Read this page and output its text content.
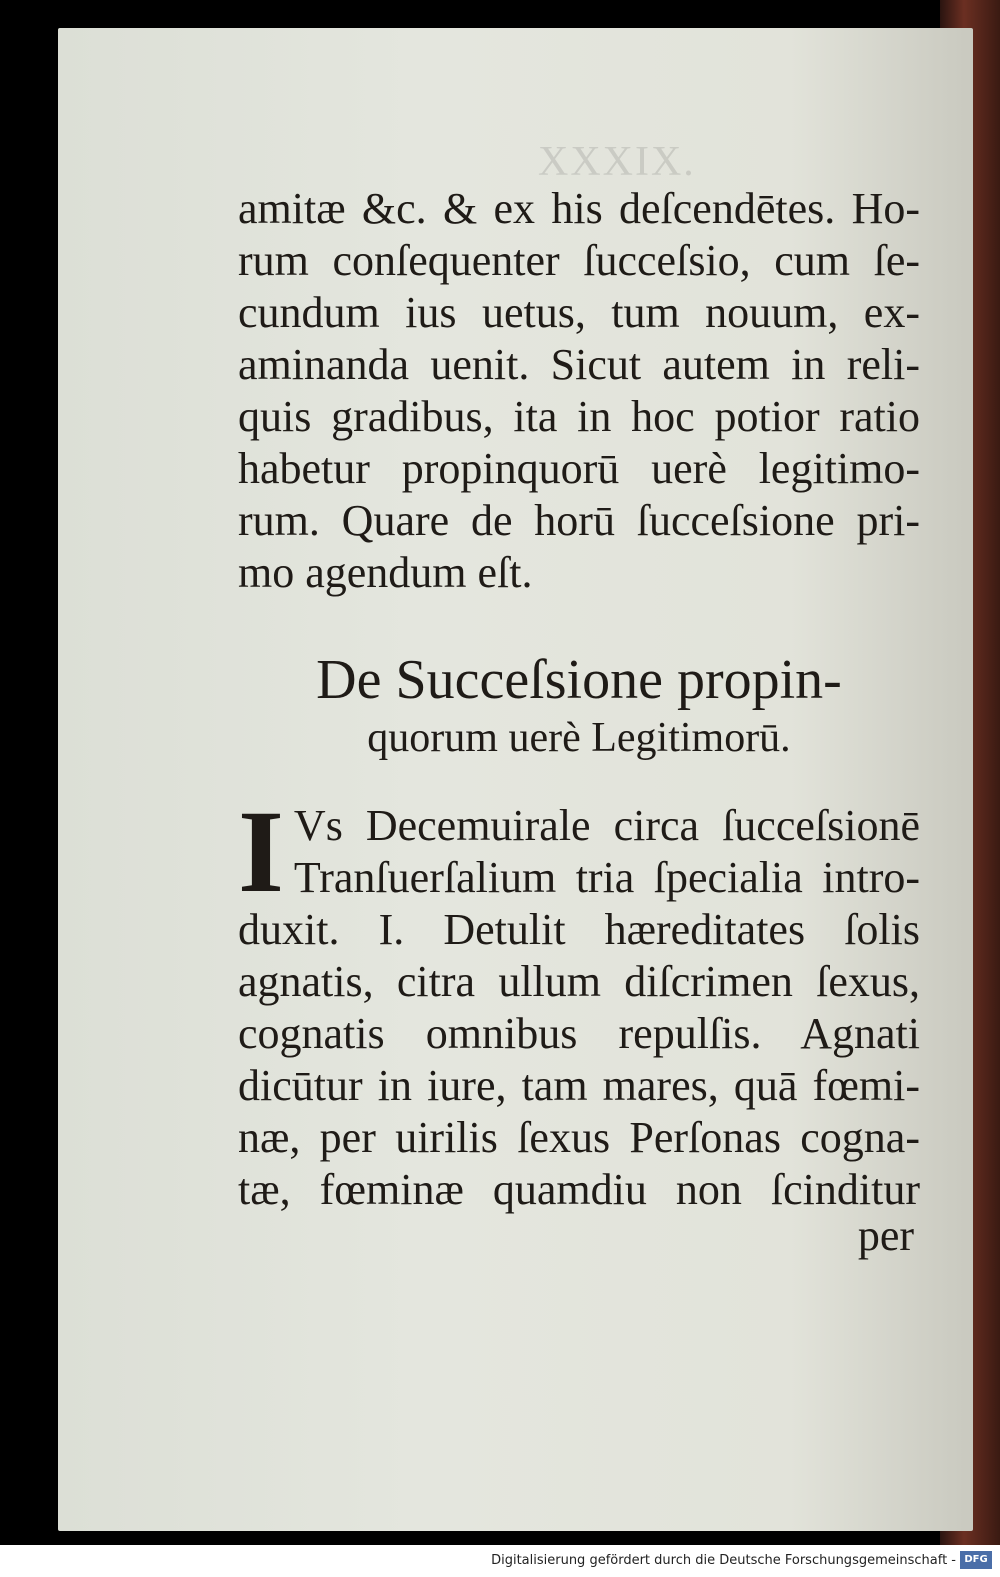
XXXIX.
amitæ &c. & ex his deſcendētes. Ho-
rum conſequenter ſucceſsio, cum ſe-
cundum ius uetus, tum nouum, ex-
aminanda uenit. Sicut autem in reli-
quis gradibus, ita in hoc potior ratio
habetur propinquorū uerè legitimo-
rum. Quare de horū ſucceſsione pri-
mo agendum eſt.
De Succeſsione propin-
quorum uerè Legitimorū.
I Vs Decemuirale circa ſucceſsionē
Tranſuerſalium tria ſpecialia intro-
duxit. I. Detulit hæreditates ſolis
agnatis, citra ullum diſcrimen ſexus,
cognatis omnibus repulſis. Agnati
dicūtur in iure, tam mares, quā fœmi-
næ, per uirilis ſexus Perſonas cogna-
tæ, fœminæ quamdiu non ſcinditur
per
Digitalisierung gefördert durch die Deutsche Forschungsgemeinschaft - DFG
